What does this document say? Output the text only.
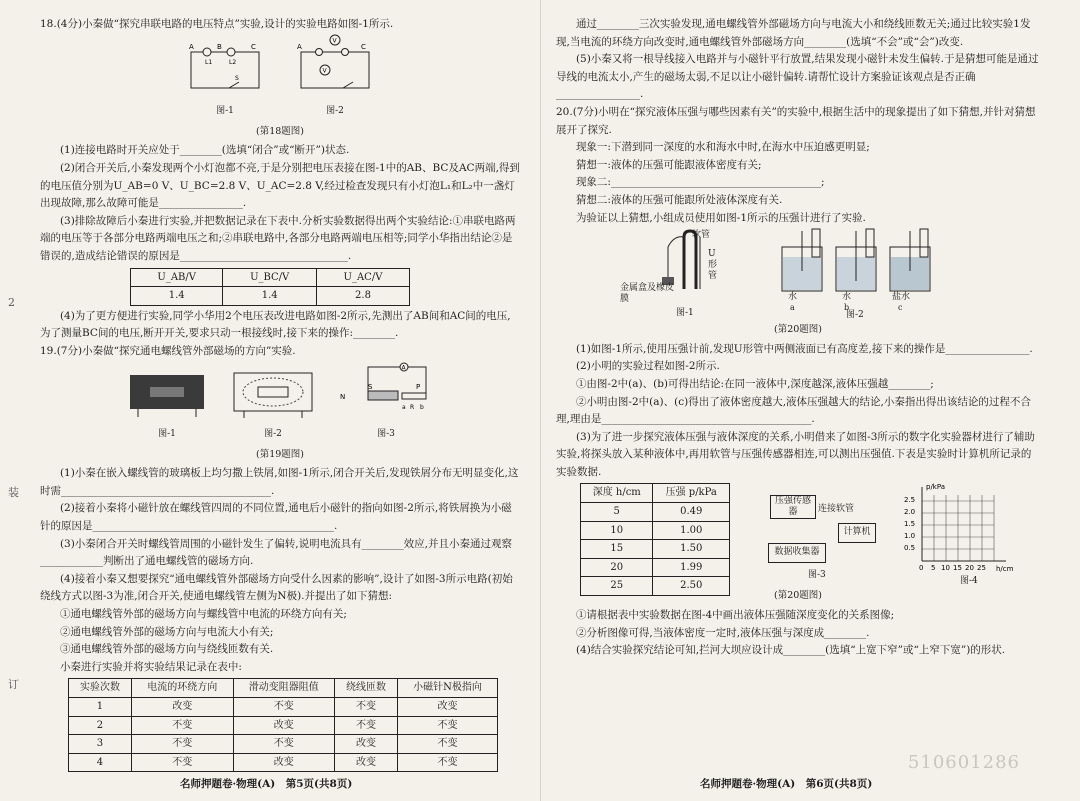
2
装
订

18.(4分)小秦做“探究串联电路的电压特点”实验,设计的实验电路如图-1所示.

A	B	C
L1	L2
S
图-1
V
V
A	C
图-2
(第18题图)

(1)连接电路时开关应处于________(选填“闭合”或“断开”)状态.

(2)闭合开关后,小秦发现两个小灯泡都不亮,于是分别把电压表接在图-1中的AB、BC及AC两端,得到的电压值分别为U_AB=0 V、U_BC=2.8 V、U_AC=2.8 V,经过检查发现只有小灯泡L₁和L₂中一盏灯出现故障,那么故障可能是________________.

(3)排除故障后小秦进行实验,并把数据记录在下表中.分析实验数据得出两个实验结论:①串联电路两端的电压等于各部分电路两端电压之和;②串联电路中,各部分电路两端电压相等;同学小华指出结论②是错误的,造成结论错误的原因是________________________________.

U_AB/V	U_BC/V	U_AC/V
1.4	1.4	2.8

(4)为了更方便进行实验,同学小华用2个电压表改进电路如图-2所示,先测出了AB间和AC间的电压,为了测量BC间的电压,断开开关,要求只动一根接线时,接下来的操作:________.

19.(7分)小秦做“探究通电螺线管外部磁场的方向”实验.

图-1	图-2
A
N
S	P
a R b
图-3
(第19题图)

(1)小秦在嵌入螺线管的玻璃板上均匀撒上铁屑,如图-1所示,闭合开关后,发现铁屑分布无明显变化,这时需________________________________________.

(2)接着小秦将小磁针放在螺线管四周的不同位置,通电后小磁针的指向如图-2所示,将铁屑换为小磁针的原因是______________________________________________.

(3)小秦闭合开关时螺线管周围的小磁针发生了偏转,说明电流具有________效应,并且小秦通过观察____________判断出了通电螺线管的磁场方向.

(4)接着小秦又想要探究“通电螺线管外部磁场方向受什么因素的影响”,设计了如图-3所示电路(初始绕线方式以图-3为准,闭合开关,使通电螺线管左侧为N极).并提出了如下猜想:

①通电螺线管外部的磁场方向与螺线管中电流的环绕方向有关;

②通电螺线管外部的磁场方向与电流大小有关;

③通电螺线管外部的磁场方向与绕线匝数有关.

小秦进行实验并将实验结果记录在表中:

实验次数	电流的环绕方向	滑动变阻器阻值	绕线匝数	小磁针N极指向
1	改变	不变	不变	改变
2	不变	改变	不变	不变
3	不变	不变	改变	不变
4	不变	改变	改变	不变
名师押题卷·物理(A)　第5页(共8页)

通过________三次实验发现,通电螺线管外部磁场方向与电流大小和绕线匝数无关;通过比较实验1发现,当电流的环绕方向改变时,通电螺线管外部磁场方向________(选填“不会”或“会”)改变.

(5)小秦又将一根导线接入电路并与小磁针平行放置,结果发现小磁针未发生偏转.于是猜想可能是通过导线的电流太小,产生的磁场太弱,不足以让小磁针偏转.请帮忙设计方案验证该观点是否正确________________.

20.(7分)小明在“探究液体压强与哪些因素有关”的实验中,根据生活中的现象提出了如下猜想,并针对猜想展开了探究.

现象一:下潜到同一深度的水和海水中时,在海水中压迫感更明显;

猜想一:液体的压强可能跟液体密度有关;

现象二:________________________________________;

猜想二:液体的压强可能跟所处液体深度有关.

为验证以上猜想,小组成员使用如图-1所示的压强计进行了实验.

软管
U形管
金属盒及橡皮膜
图-1
水	水	盐水
a	b	c
图-2
(第20题图)

(1)如图-1所示,使用压强计前,发现U形管中两侧液面已有高度差,接下来的操作是________________.

(2)小明的实验过程如图-2所示.

①由图-2中(a)、(b)可得出结论:在同一液体中,深度越深,液体压强越________;

②小明由图-2中(a)、(c)得出了液体密度越大,液体压强越大的结论,小秦指出得出该结论的过程不合理,理由是________________________________________.

(3)为了进一步探究液体压强与液体深度的关系,小明借来了如图-3所示的数字化实验器材进行了辅助实验,将探头放入某种液体中,再用软管与压强传感器相连,可以测出压强值.下表是实验时计算机所记录的实验数据.

深度 h/cm	压强 p/kPa
5	0.49
10	1.00
15	1.50
20	1.99
25	2.50
压强传感器	连接软管
计算机
数据收集器
图-3
p/kPa
h/cm
2.5
2.0
1.5
1.0
0.5
0 5 10 15 20 25
图-4
(第20题图)

①请根据表中实验数据在图-4中画出液体压强随深度变化的关系图像;

②分析图像可得,当液体密度一定时,液体压强与深度成________.

(4)结合实验探究结论可知,拦河大坝应设计成________(选填“上宽下窄”或“上窄下宽”)的形状.

名师押题卷·物理(A)　第6页(共8页)
510601286
